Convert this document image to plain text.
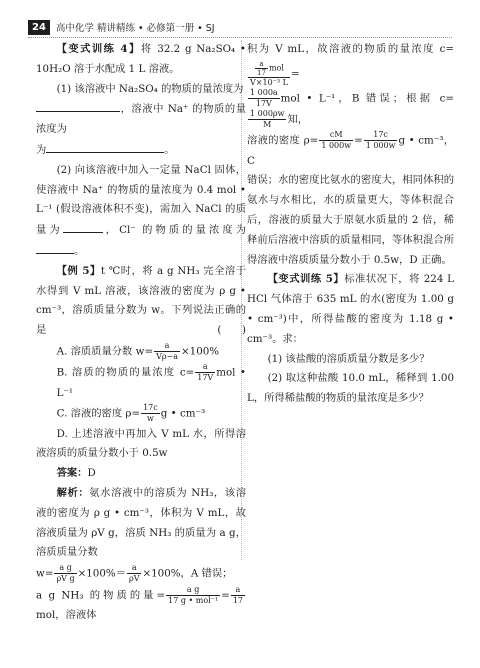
24	高中化学 精讲精练 • 必修第一册 • SJ

【变式训练 4】将 32.2 g Na₂SO₄ • 10H₂O 溶于水配成 1 L 溶液。

(1) 该溶液中 Na₂SO₄ 的物质的量浓度为
，溶液中 Na⁺ 的物质的量浓度为
为	。

(2) 向该溶液中加入一定量 NaCl 固体，使溶液中 Na⁺ 的物质的量浓度为 0.4 mol • L⁻¹ (假设溶液体积不变)，需加入 NaCl 的质量为	，Cl⁻ 的物质的量浓度为。

【例 5】t ℃时，将 a g NH₃ 完全溶于水得到 V mL 溶液，该溶液的密度为 ρ g • cm⁻³，溶质质量分数为 w。下列说法正确的是	(　　)

A. 溶质质量分数 $w= \frac{a}{V\rho-a} \times 100\%$

B. 溶质的物质的量浓度 $c= \frac{a}{17V}$ mol • L⁻¹

C. 溶液的密度 $\rho= \frac{17c}{w}$ g • cm⁻³

D. 上述溶液中再加入 V mL 水，所得溶液溶质的质量分数小于 0.5w

答案：D

解析：氨水溶液中的溶质为 NH₃，该溶液的密度为 ρ g • cm⁻³，体积为 V mL，故溶液质量为 ρV g，溶质 NH₃ 的质量为 a g，溶质质量分数

$w= \frac{\text{a g}}{\text{ρV g}} \times 100\%= \frac{a}{\rho V} \times 100\%$，A 错误；

a g NH₃ 的物质的量= $\frac{\text{a g}}{\text{17 g • mol⁻¹}} = \frac{a}{17}$
mol，溶液体

积为 V mL，故溶液的物质的量浓度 c=
$\frac{\frac{a}{17} mol}{\text{V×10⁻³ L}}$ =

$\frac{1 000a}{17V}$ mol • L⁻¹，B 错误；根据 c=
$\frac{1 000\rho w}{M}$ 知，

溶液的密度 $\rho= \frac{cM}{1 000w} = \frac{17c}{1 000w}$ g • cm⁻³，C

错误；水的密度比氨水的密度大，相同体积的氨水与水相比，水的质量更大，等体积混合后，溶液的质量大于原氨水质量的 2 倍，稀释前后溶液中溶质的质量相同，等体积混合所得溶液中溶质质量分数小于 0.5w，D 正确。

【变式训练 5】标准状况下，将 224 L HCl 气体溶于 635 mL 的水(密度为 1.00 g • cm⁻³)中，所得盐酸的密度为 1.18 g • cm⁻³。求：

(1) 该盐酸的溶质质量分数是多少？

(2) 取这种盐酸 10.0 mL，稀释到 1.00 L，所得稀盐酸的物质的量浓度是多少？
